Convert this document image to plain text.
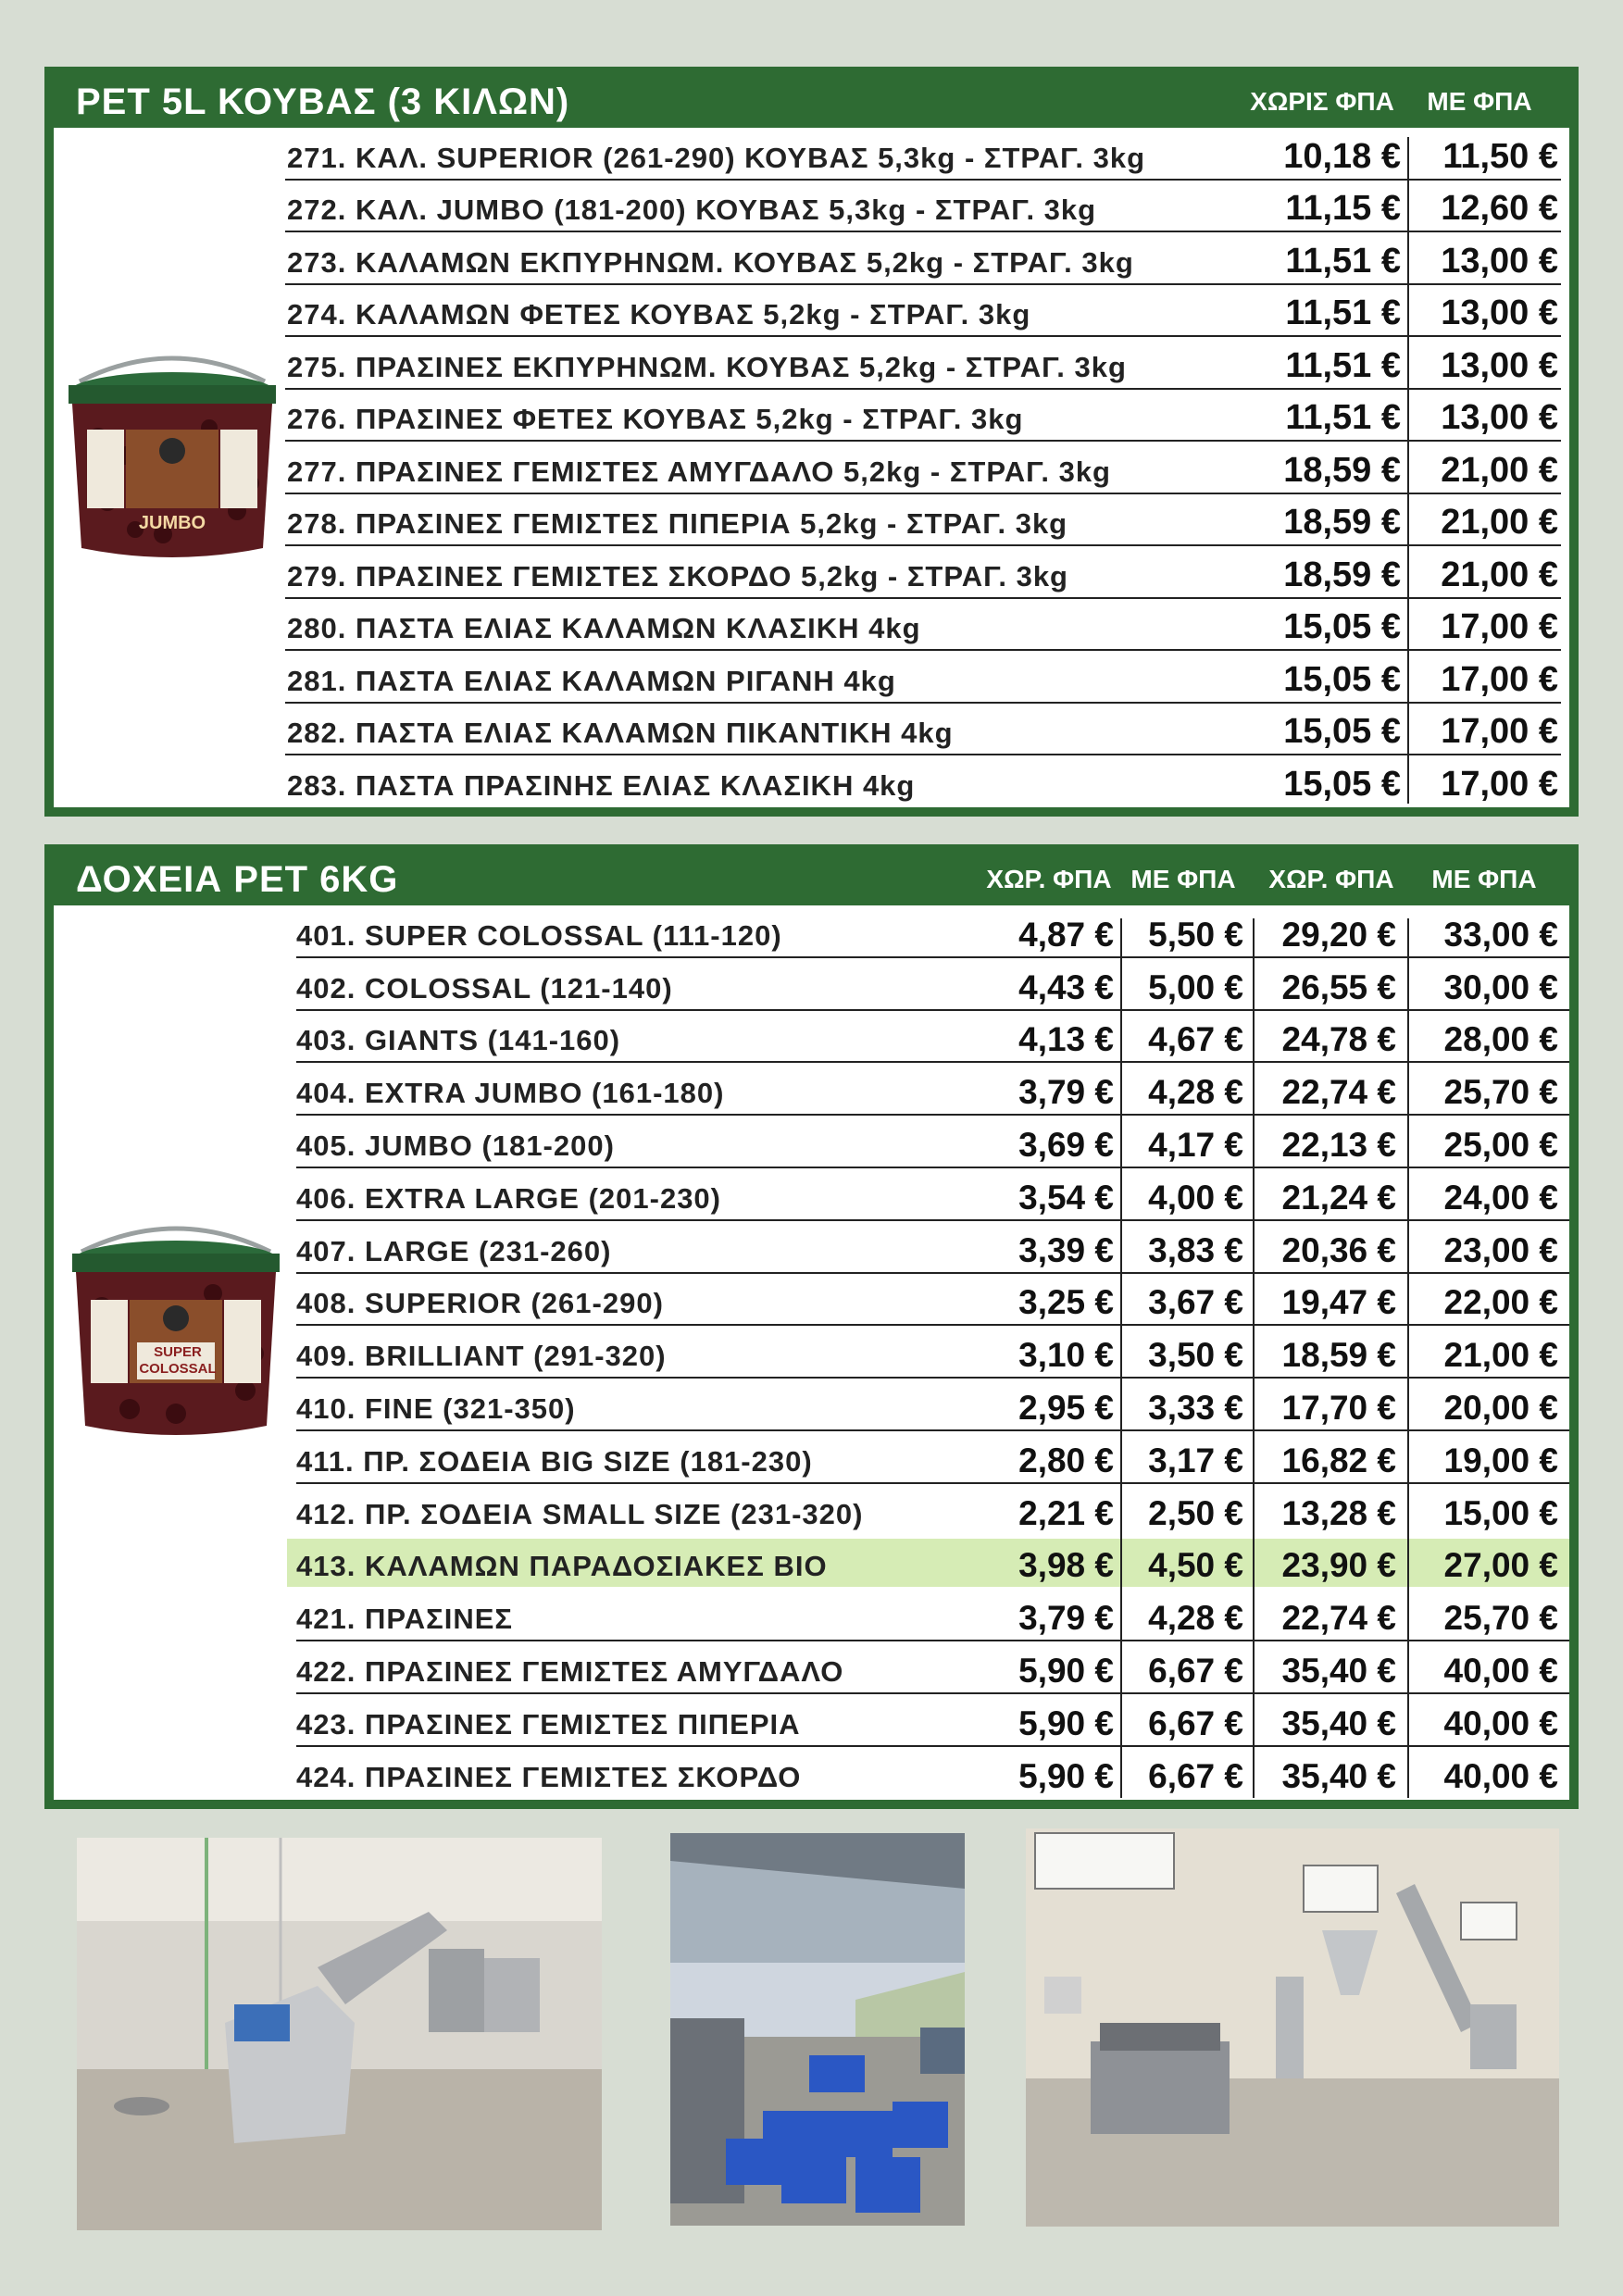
PET 5L ΚΟΥΒΑΣ (3 ΚΙΛΩΝ)	ΧΩΡΙΣ ΦΠΑ	ΜΕ ΦΠΑ
JUMBO
271. ΚΑΛ. SUPERIOR (261-290) ΚΟΥΒΑΣ 5,3kg - ΣΤΡΑΓ. 3kg	10,18 €	11,50 €
272. ΚΑΛ. JUMBO (181-200) ΚΟΥΒΑΣ 5,3kg - ΣΤΡΑΓ. 3kg	11,15 €	12,60 €
273. ΚΑΛΑΜΩΝ ΕΚΠΥΡΗΝΩΜ. ΚΟΥΒΑΣ 5,2kg - ΣΤΡΑΓ. 3kg	11,51 €	13,00 €
274. ΚΑΛΑΜΩΝ ΦΕΤΕΣ ΚΟΥΒΑΣ 5,2kg - ΣΤΡΑΓ. 3kg	11,51 €	13,00 €
275. ΠΡΑΣΙΝΕΣ ΕΚΠΥΡΗΝΩΜ. ΚΟΥΒΑΣ 5,2kg - ΣΤΡΑΓ. 3kg	11,51 €	13,00 €
276. ΠΡΑΣΙΝΕΣ ΦΕΤΕΣ ΚΟΥΒΑΣ 5,2kg - ΣΤΡΑΓ. 3kg	11,51 €	13,00 €
277. ΠΡΑΣΙΝΕΣ ΓΕΜΙΣΤΕΣ ΑΜΥΓΔΑΛΟ 5,2kg - ΣΤΡΑΓ. 3kg	18,59 €	21,00 €
278. ΠΡΑΣΙΝΕΣ ΓΕΜΙΣΤΕΣ ΠΙΠΕΡΙΑ 5,2kg - ΣΤΡΑΓ. 3kg	18,59 €	21,00 €
279. ΠΡΑΣΙΝΕΣ ΓΕΜΙΣΤΕΣ ΣΚΟΡΔΟ 5,2kg - ΣΤΡΑΓ. 3kg	18,59 €	21,00 €
280. ΠΑΣΤΑ ΕΛΙΑΣ ΚΑΛΑΜΩΝ ΚΛΑΣΙΚΗ 4kg	15,05 €	17,00 €
281. ΠΑΣΤΑ ΕΛΙΑΣ ΚΑΛΑΜΩΝ ΡΙΓΑΝΗ 4kg	15,05 €	17,00 €
282. ΠΑΣΤΑ ΕΛΙΑΣ ΚΑΛΑΜΩΝ ΠΙΚΑΝΤΙΚΗ 4kg	15,05 €	17,00 €
283. ΠΑΣΤΑ ΠΡΑΣΙΝΗΣ ΕΛΙΑΣ ΚΛΑΣΙΚΗ 4kg	15,05 €	17,00 €
ΔΟΧΕΙΑ PET 6KG	ΧΩΡ. ΦΠΑ ΜΕ ΦΠΑ	ΧΩΡ. ΦΠΑ	ΜΕ ΦΠΑ
SUPER
COLOSSAL
401. SUPER COLOSSAL (111-120)	4,87 €	5,50 €	29,20 €	33,00 €
402. COLOSSAL (121-140)	4,43 €	5,00 €	26,55 €	30,00 €
403. GIANTS (141-160)	4,13 €	4,67 €	24,78 €	28,00 €
404. EXTRA JUMBO (161-180)	3,79 €	4,28 €	22,74 €	25,70 €
405. JUMBO (181-200)	3,69 €	4,17 €	22,13 €	25,00 €
406. EXTRA LARGE (201-230)	3,54 €	4,00 €	21,24 €	24,00 €
407. LARGE (231-260)	3,39 €	3,83 €	20,36 €	23,00 €
408. SUPERIOR (261-290)	3,25 €	3,67 €	19,47 €	22,00 €
409. BRILLIANT (291-320)	3,10 €	3,50 €	18,59 €	21,00 €
410. FINE (321-350)	2,95 €	3,33 €	17,70 €	20,00 €
411. ΠΡ. ΣΟΔΕΙΑ BIG SIZE (181-230)	2,80 €	3,17 €	16,82 €	19,00 €
412. ΠΡ. ΣΟΔΕΙΑ SMALL SIZE (231-320)	2,21 €	2,50 €	13,28 €	15,00 €
413. ΚΑΛΑΜΩΝ ΠΑΡΑΔΟΣΙΑΚΕΣ ΒΙΟ	3,98 €	4,50 €	23,90 €	27,00 €
421. ΠΡΑΣΙΝΕΣ	3,79 €	4,28 €	22,74 €	25,70 €
422. ΠΡΑΣΙΝΕΣ ΓΕΜΙΣΤΕΣ ΑΜΥΓΔΑΛΟ	5,90 €	6,67 €	35,40 €	40,00 €
423. ΠΡΑΣΙΝΕΣ ΓΕΜΙΣΤΕΣ ΠΙΠΕΡΙΑ	5,90 €	6,67 €	35,40 €	40,00 €
424. ΠΡΑΣΙΝΕΣ ΓΕΜΙΣΤΕΣ ΣΚΟΡΔΟ	5,90 €	6,67 €	35,40 €	40,00 €
